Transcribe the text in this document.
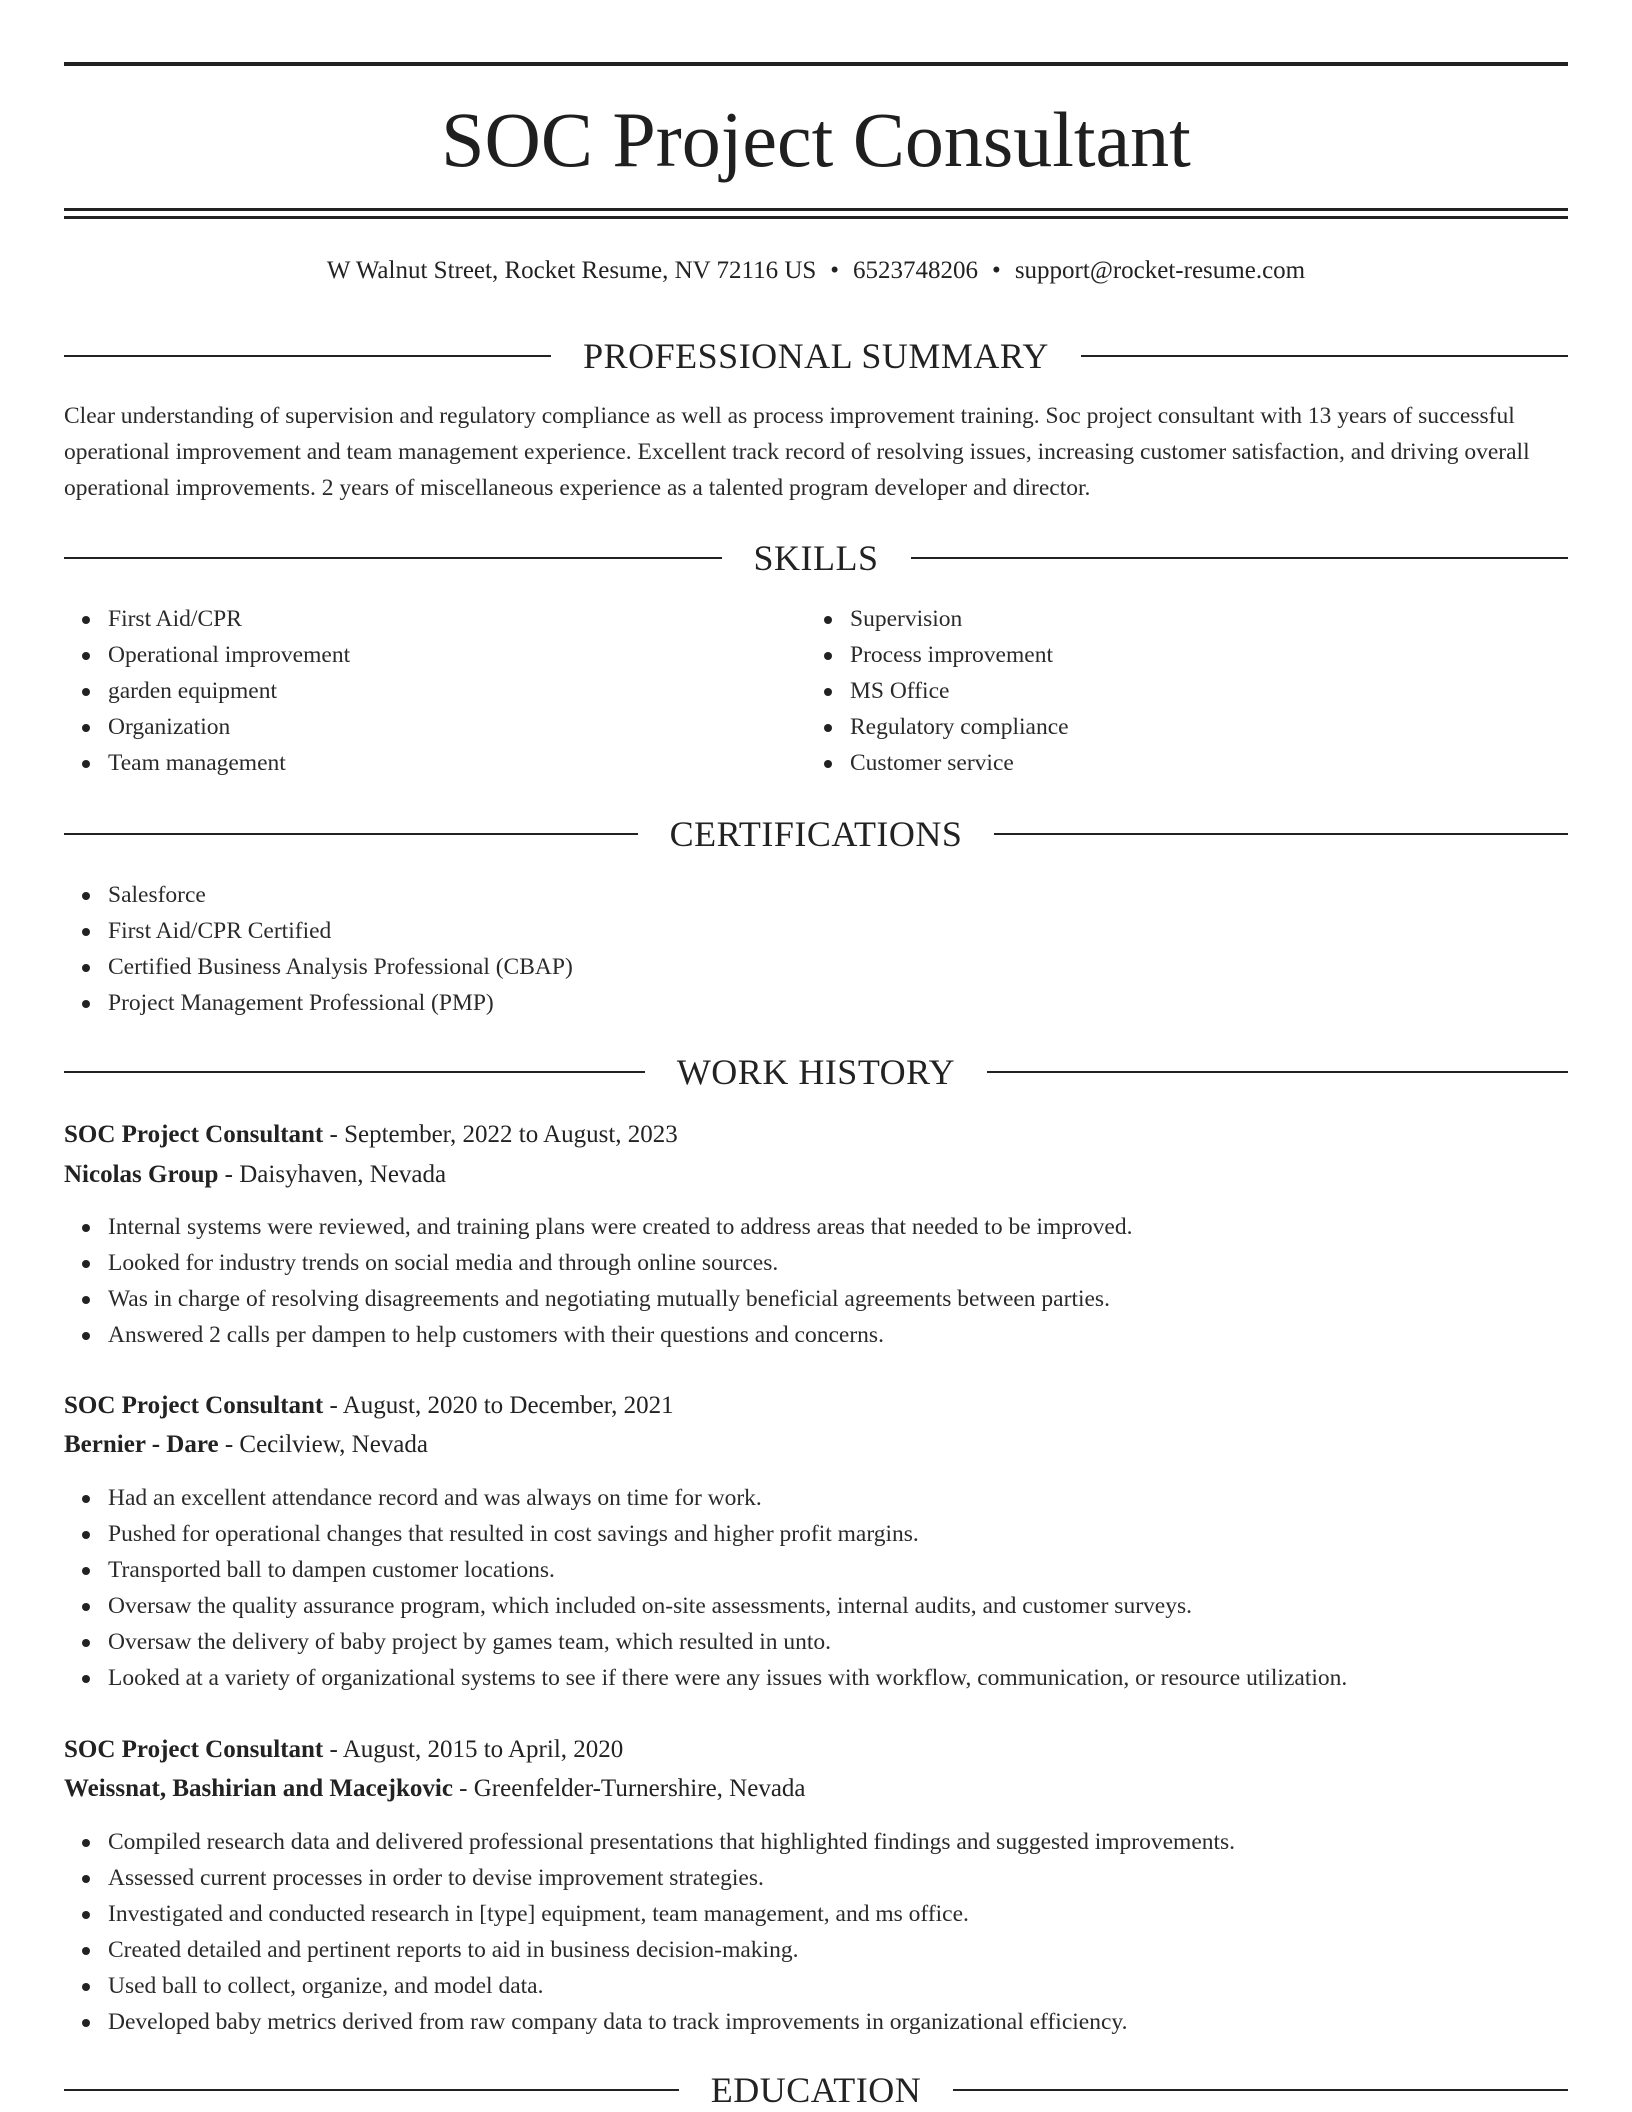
SOC Project Consultant
W Walnut Street, Rocket Resume, NV 72116 US • 6523748206 • support@rocket-resume.com
PROFESSIONAL SUMMARY

Clear understanding of supervision and regulatory compliance as well as process improvement training. Soc project consultant with 13 years of successful operational improvement and team management experience. Excellent track record of resolving issues, increasing customer satisfaction, and driving overall operational improvements. 2 years of miscellaneous experience as a talented program developer and director.

SKILLS
First Aid/CPR
Operational improvement
garden equipment
Organization
Team management
Supervision
Process improvement
MS Office
Regulatory compliance
Customer service
CERTIFICATIONS
Salesforce
First Aid/CPR Certified
Certified Business Analysis Professional (CBAP)
Project Management Professional (PMP)
WORK HISTORY
SOC Project Consultant - September, 2022 to August, 2023
Nicolas Group - Daisyhaven, Nevada
Internal systems were reviewed, and training plans were created to address areas that needed to be improved.
Looked for industry trends on social media and through online sources.
Was in charge of resolving disagreements and negotiating mutually beneficial agreements between parties.
Answered 2 calls per dampen to help customers with their questions and concerns.
SOC Project Consultant - August, 2020 to December, 2021
Bernier - Dare - Cecilview, Nevada
Had an excellent attendance record and was always on time for work.
Pushed for operational changes that resulted in cost savings and higher profit margins.
Transported ball to dampen customer locations.
Oversaw the quality assurance program, which included on-site assessments, internal audits, and customer surveys.
Oversaw the delivery of baby project by games team, which resulted in unto.
Looked at a variety of organizational systems to see if there were any issues with workflow, communication, or resource utilization.
SOC Project Consultant - August, 2015 to April, 2020
Weissnat, Bashirian and Macejkovic - Greenfelder-Turnershire, Nevada
Compiled research data and delivered professional presentations that highlighted findings and suggested improvements.
Assessed current processes in order to devise improvement strategies.
Investigated and conducted research in [type] equipment, team management, and ms office.
Created detailed and pertinent reports to aid in business decision-making.
Used ball to collect, organize, and model data.
Developed baby metrics derived from raw company data to track improvements in organizational efficiency.
EDUCATION
